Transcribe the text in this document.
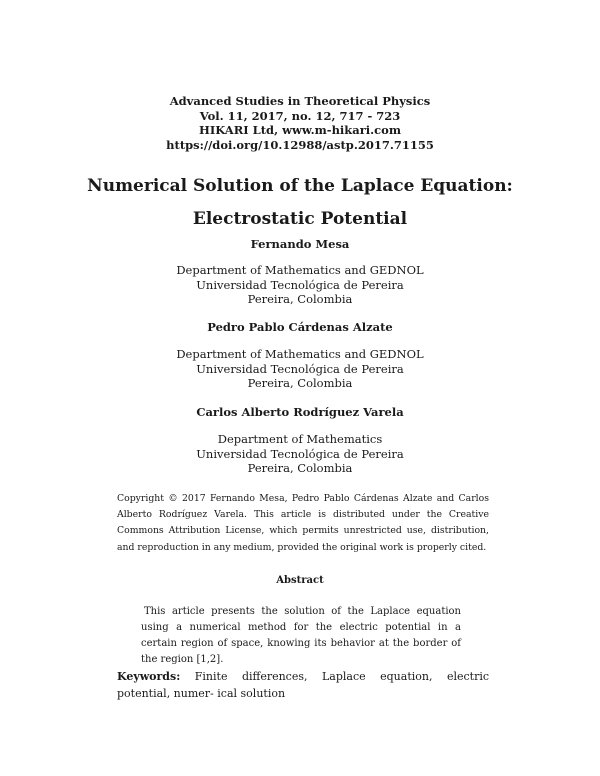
Advanced Studies in Theoretical Physics
Vol. 11, 2017, no. 12, 717 - 723
HIKARI Ltd, www.m-hikari.com
https://doi.org/10.12988/astp.2017.71155
Numerical Solution of the Laplace Equation:
Electrostatic Potential
Fernando Mesa
Department of Mathematics and GEDNOL
Universidad Tecnológica de Pereira
Pereira, Colombia
Pedro Pablo Cárdenas Alzate
Department of Mathematics and GEDNOL
Universidad Tecnológica de Pereira
Pereira, Colombia
Carlos Alberto Rodríguez Varela
Department of Mathematics
Universidad Tecnológica de Pereira
Pereira, Colombia
Copyright © 2017 Fernando Mesa, Pedro Pablo Cárdenas Alzate and Carlos Alberto Rodríguez Varela. This article is distributed under the Creative Commons Attribution License, which permits unrestricted use, distribution, and reproduction in any medium, provided the original work is properly cited.
Abstract
This article presents the solution of the Laplace equation using a numerical method for the electric potential in a certain region of space, knowing its behavior at the border of the region [1,2].
Keywords: Finite differences, Laplace equation, electric potential, numer- ical solution
